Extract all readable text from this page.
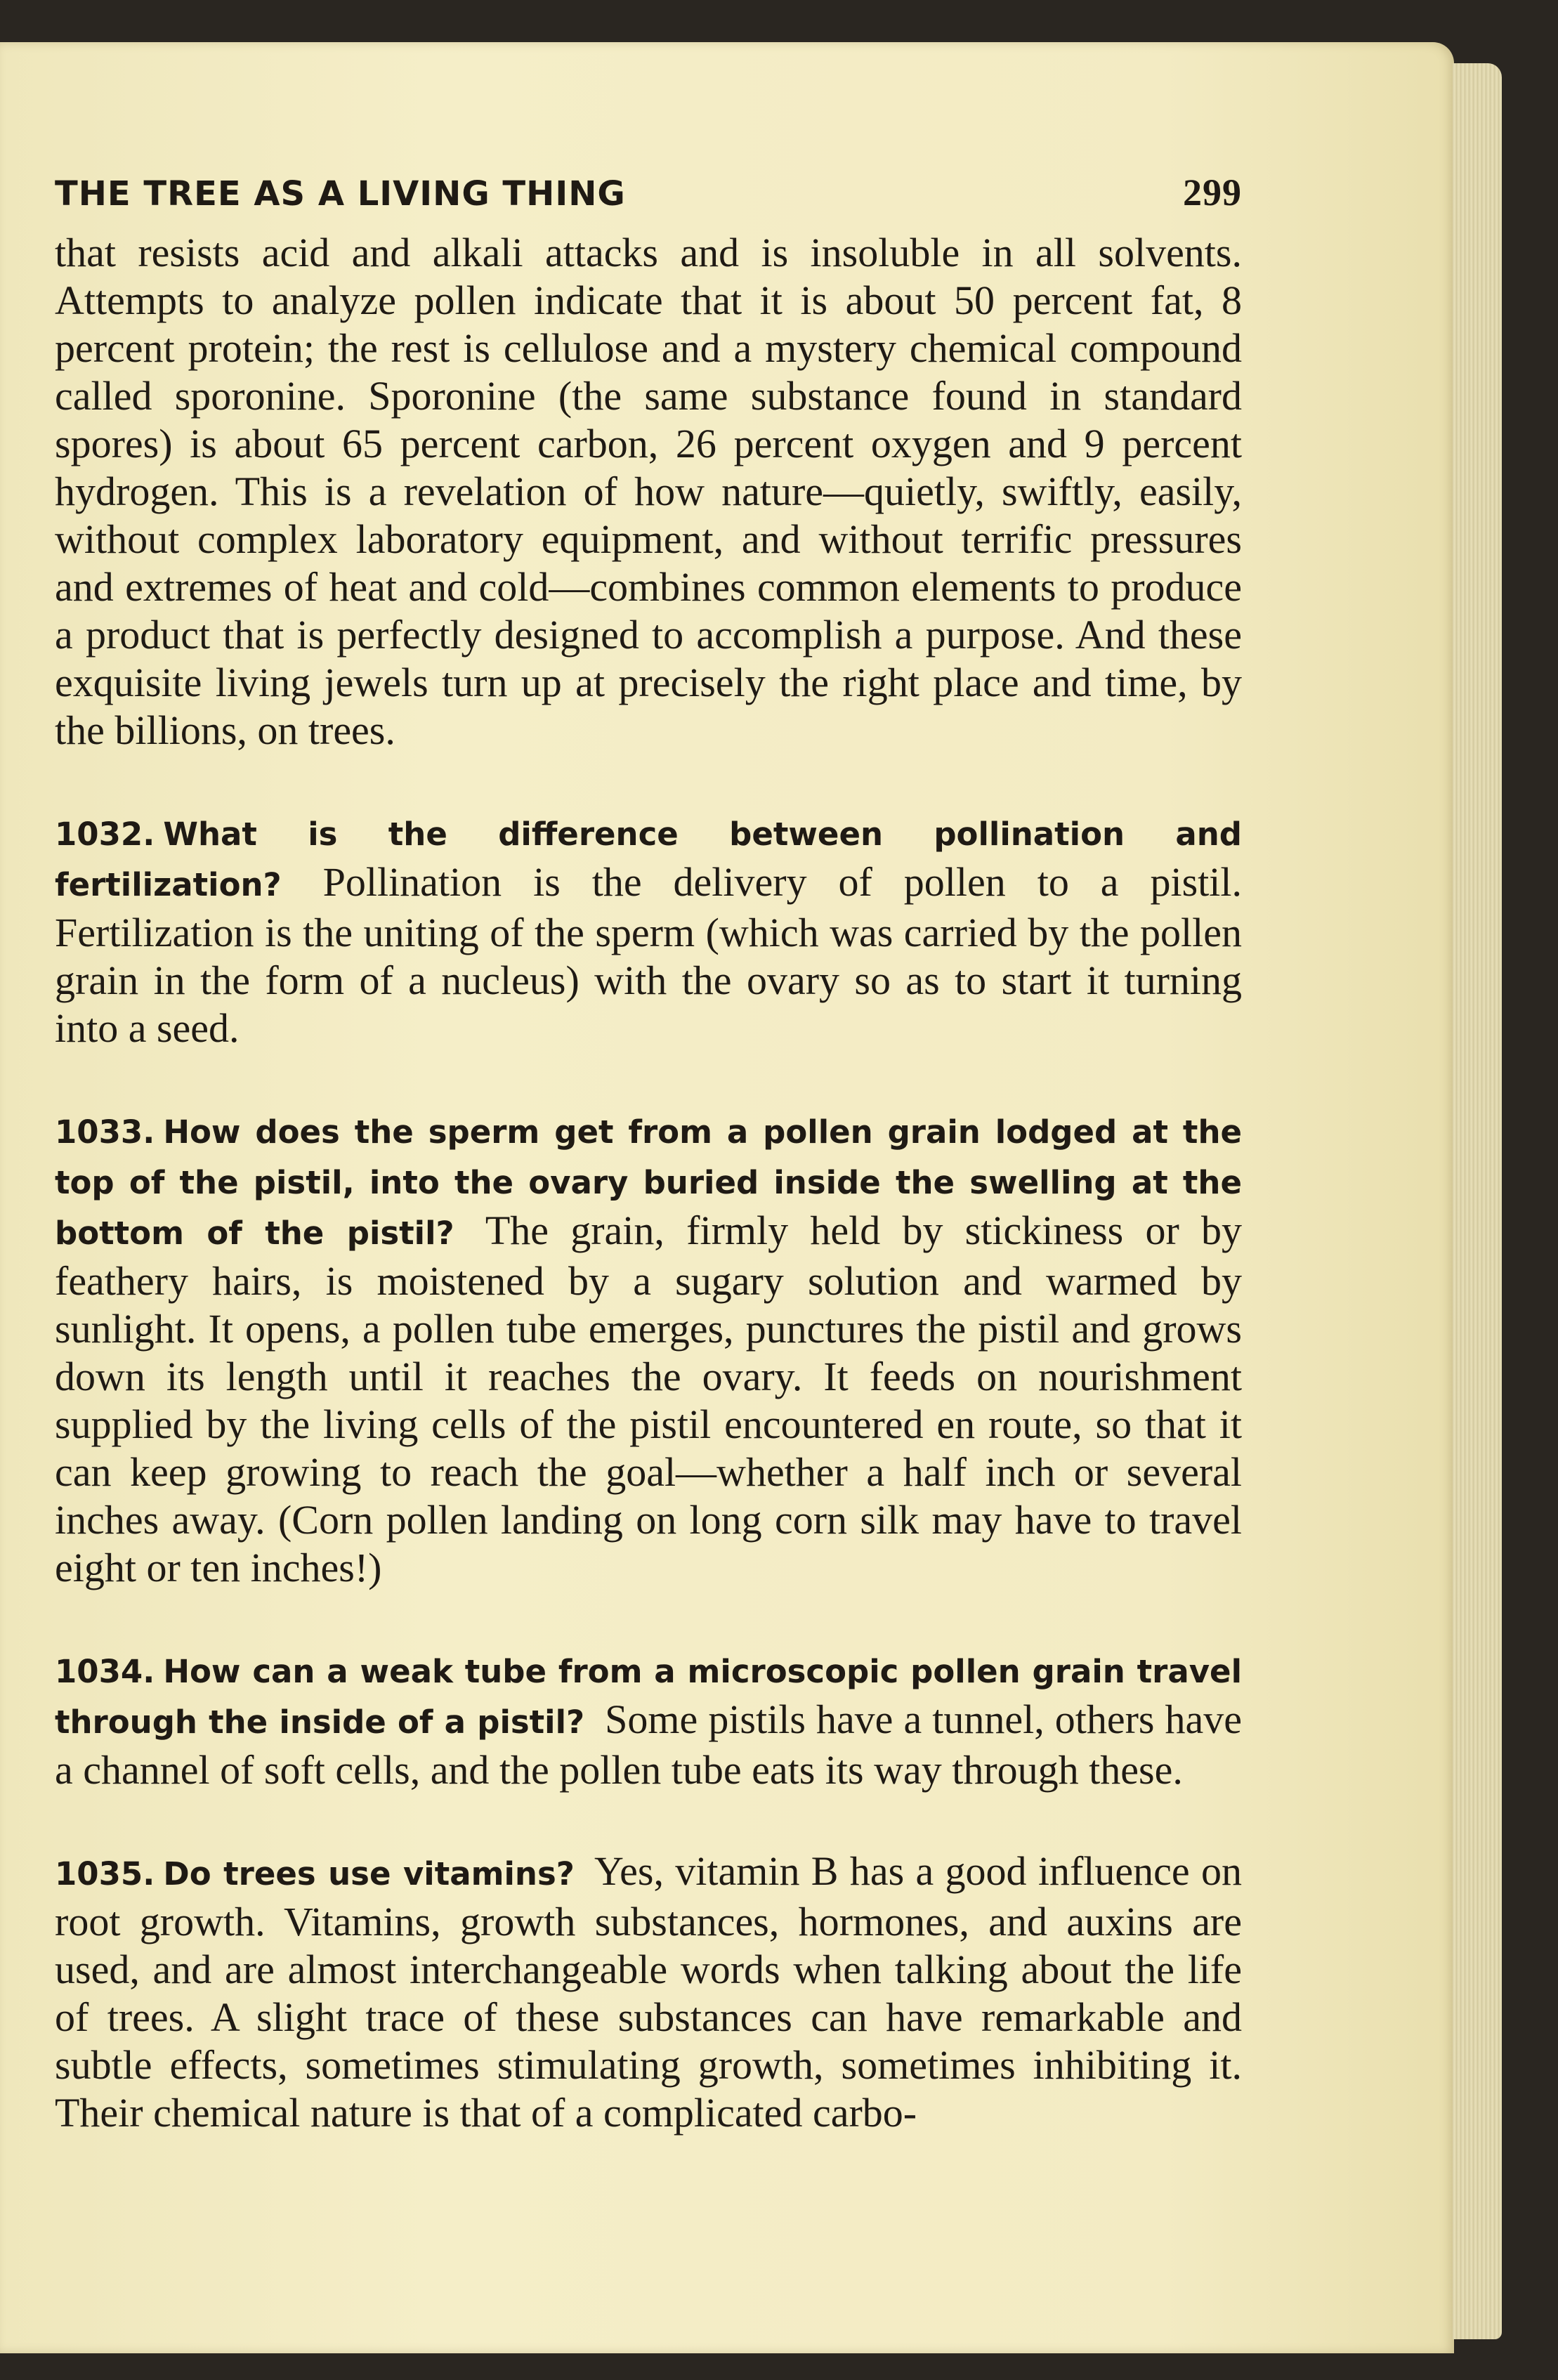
THE TREE AS A LIVING THING	299

that resists acid and alkali attacks and is insoluble in all solvents. Attempts to analyze pollen indicate that it is about 50 percent fat, 8 percent protein; the rest is cellulose and a mystery chemical compound called sporonine. Sporonine (the same substance found in standard spores) is about 65 percent carbon, 26 percent oxygen and 9 percent hydrogen. This is a revelation of how nature—quietly, swiftly, easily, without complex laboratory equipment, and without terrific pressures and extremes of heat and cold—combines common elements to produce a product that is perfectly designed to accomplish a purpose. And these exquisite living jewels turn up at precisely the right place and time, by the billions, on trees.

1032. What is the difference between pollination and fertilization? Pollination is the delivery of pollen to a pistil. Fertilization is the uniting of the sperm (which was carried by the pollen grain in the form of a nucleus) with the ovary so as to start it turning into a seed.

1033. How does the sperm get from a pollen grain lodged at the top of the pistil, into the ovary buried inside the swelling at the bottom of the pistil? The grain, firmly held by stickiness or by feathery hairs, is moistened by a sugary solution and warmed by sunlight. It opens, a pollen tube emerges, punctures the pistil and grows down its length until it reaches the ovary. It feeds on nourishment supplied by the living cells of the pistil encountered en route, so that it can keep growing to reach the goal—whether a half inch or several inches away. (Corn pollen landing on long corn silk may have to travel eight or ten inches!)

1034. How can a weak tube from a microscopic pollen grain travel through the inside of a pistil? Some pistils have a tunnel, others have a channel of soft cells, and the pollen tube eats its way through these.

1035. Do trees use vitamins? Yes, vitamin B has a good influence on root growth. Vitamins, growth substances, hormones, and auxins are used, and are almost interchangeable words when talking about the life of trees. A slight trace of these substances can have remarkable and subtle effects, sometimes stimulating growth, sometimes inhibiting it. Their chemical nature is that of a complicated carbo-
